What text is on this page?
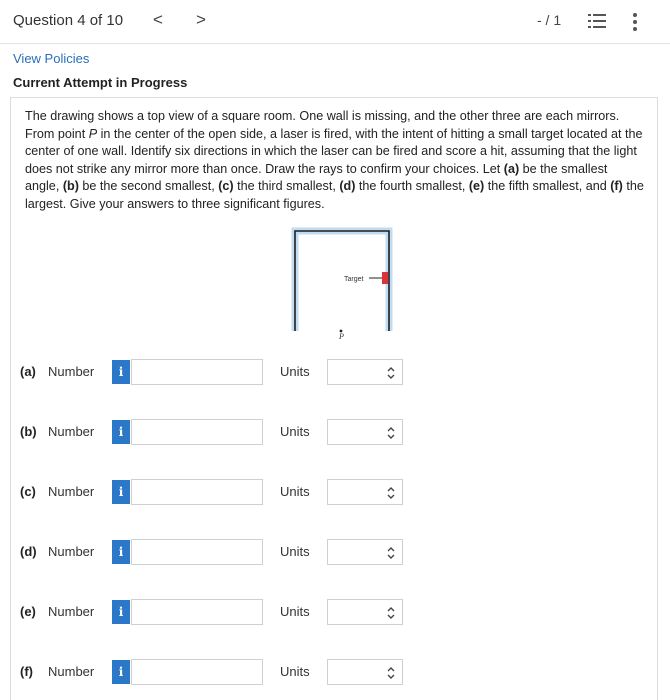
Question 4 of 10 < >	- / 1
View Policies
Current Attempt in Progress

The drawing shows a top view of a square room. One wall is missing, and the other three are each mirrors. From point P in the center of the open side, a laser is fired, with the intent of hitting a small target located at the center of one wall. Identify six directions in which the laser can be fired and score a hit, assuming that the light does not strike any mirror more than once. Draw the rays to confirm your choices. Let (a) be the smallest angle, (b) be the second smallest, (c) the third smallest, (d) the fourth smallest, (e) the fifth smallest, and (f) the largest. Give your answers to three significant figures.

Target
P
(a) Number	i	Units
(b) Number	i	Units
(c) Number	i	Units
(d) Number	i	Units
(e) Number	i	Units
(f) Number	i	Units
